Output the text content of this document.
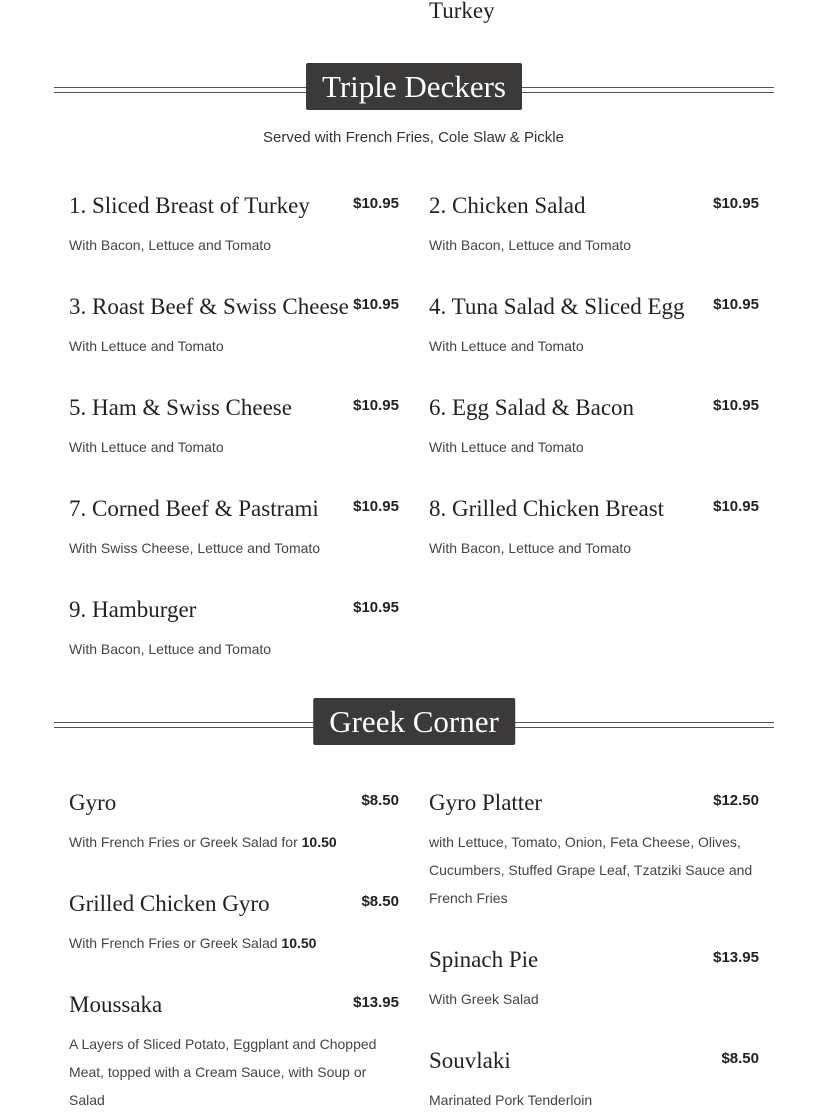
Turkey
Triple Deckers
Served with French Fries, Cole Slaw & Pickle
1. Sliced Breast of Turkey	$10.95
With Bacon, Lettuce and Tomato
2. Chicken Salad	$10.95
With Bacon, Lettuce and Tomato
3. Roast Beef & Swiss Cheese $10.95
With Lettuce and Tomato
4. Tuna Salad & Sliced Egg $10.95
With Lettuce and Tomato
5. Ham & Swiss Cheese	$10.95
With Lettuce and Tomato
6. Egg Salad & Bacon	$10.95
With Lettuce and Tomato
7. Corned Beef & Pastrami $10.95
With Swiss Cheese, Lettuce and Tomato
8. Grilled Chicken Breast	$10.95
With Bacon, Lettuce and Tomato
9. Hamburger	$10.95
With Bacon, Lettuce and Tomato
Greek Corner
Gyro	$8.50
With French Fries or Greek Salad for 10.50
Gyro Platter	$12.50
with Lettuce, Tomato, Onion, Feta Cheese, Olives, Cucumbers, Stuffed Grape Leaf, Tzatziki Sauce and French Fries
Grilled Chicken Gyro	$8.50
With French Fries or Greek Salad 10.50
Spinach Pie	$13.95
With Greek Salad
Moussaka	$13.95
A Layers of Sliced Potato, Eggplant and Chopped Meat, topped with a Cream Sauce, with Soup or Salad
Souvlaki	$8.50
Marinated Pork Tenderloin
